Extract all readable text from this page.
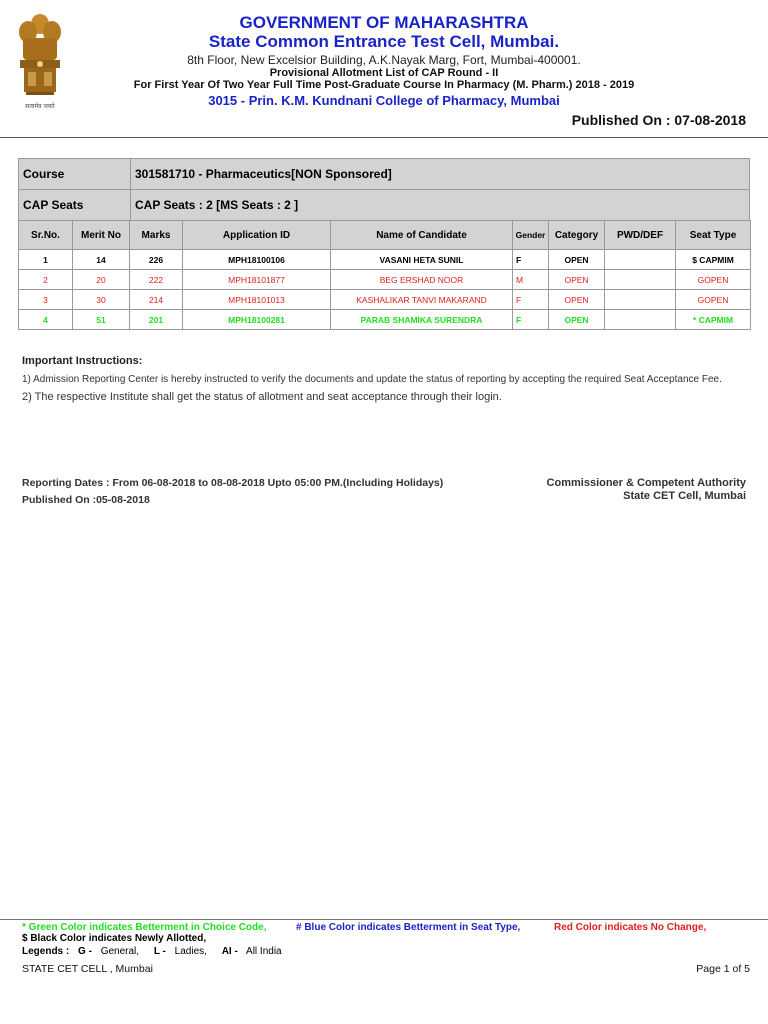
सत्यमेव जयते
GOVERNMENT OF MAHARASHTRA
State Common Entrance Test Cell, Mumbai.
8th Floor, New Excelsior Building, A.K.Nayak Marg, Fort, Mumbai-400001.
Provisional Allotment List of CAP Round - II
For First Year Of Two Year Full Time Post-Graduate Course In Pharmacy (M. Pharm.) 2018 - 2019
3015 - Prin. K.M. Kundnani College of Pharmacy, Mumbai
Published On : 07-08-2018
Course	301581710 - Pharmaceutics[NON Sponsored]
CAP Seats	CAP Seats : 2 [MS Seats : 2 ]
Sr.No.	Merit No	Marks	Application ID	Name of Candidate	Gender	Category	PWD/DEF	Seat Type
1	14	226	MPH18100106	VASANI HETA SUNIL	F	OPEN		$ CAPMIM
2	20	222	MPH18101877	BEG ERSHAD NOOR	M	OPEN		GOPEN
3	30	214	MPH18101013	KASHALIKAR TANVI MAKARAND	F	OPEN		GOPEN
4	51	201	MPH18100281	PARAB SHAMIKA SURENDRA	F	OPEN		* CAPMIM
Important Instructions:
1) Admission Reporting Center is hereby instructed to verify the documents and update the status of reporting by accepting the required Seat Acceptance Fee.
2) The respective Institute shall get the status of allotment and seat acceptance through their login.
Reporting Dates : From 06-08-2018 to 08-08-2018 Upto 05:00 PM.(Including Holidays)
Published On :05-08-2018
Commissioner & Competent Authority
State CET Cell, Mumbai
* Green Color indicates Betterment in Choice Code,	# Blue Color indicates Betterment in Seat Type,	Red Color indicates No Change,
$ Black Color indicates Newly Allotted,
Legends : G - General, L - Ladies, AI - All India
STATE CET CELL , Mumbai	Page 1 of 5
